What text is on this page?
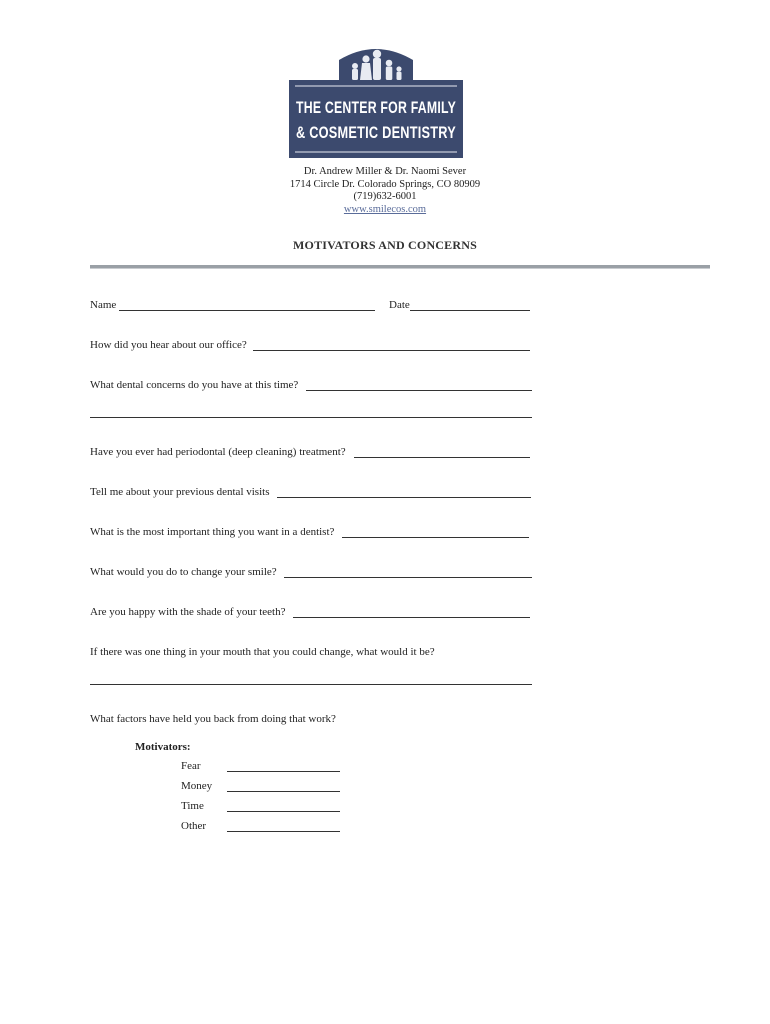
THE CENTER FOR FAMILY
& COSMETIC DENTISTRY
Dr. Andrew Miller & Dr. Naomi Sever
1714 Circle Dr. Colorado Springs, CO 80909
(719)632-6001
www.smilecos.com
MOTIVATORS AND CONCERNS
Name	Date
How did you hear about our office?
What dental concerns do you have at this time?
Have you ever had periodontal (deep cleaning) treatment?
Tell me about your previous dental visits
What is the most important thing you want in a dentist?
What would you do to change your smile?
Are you happy with the shade of your teeth?
If there was one thing in your mouth that you could change, what would it be?
What factors have held you back from doing that work?
Motivators:
Fear
Money
Time
Other
